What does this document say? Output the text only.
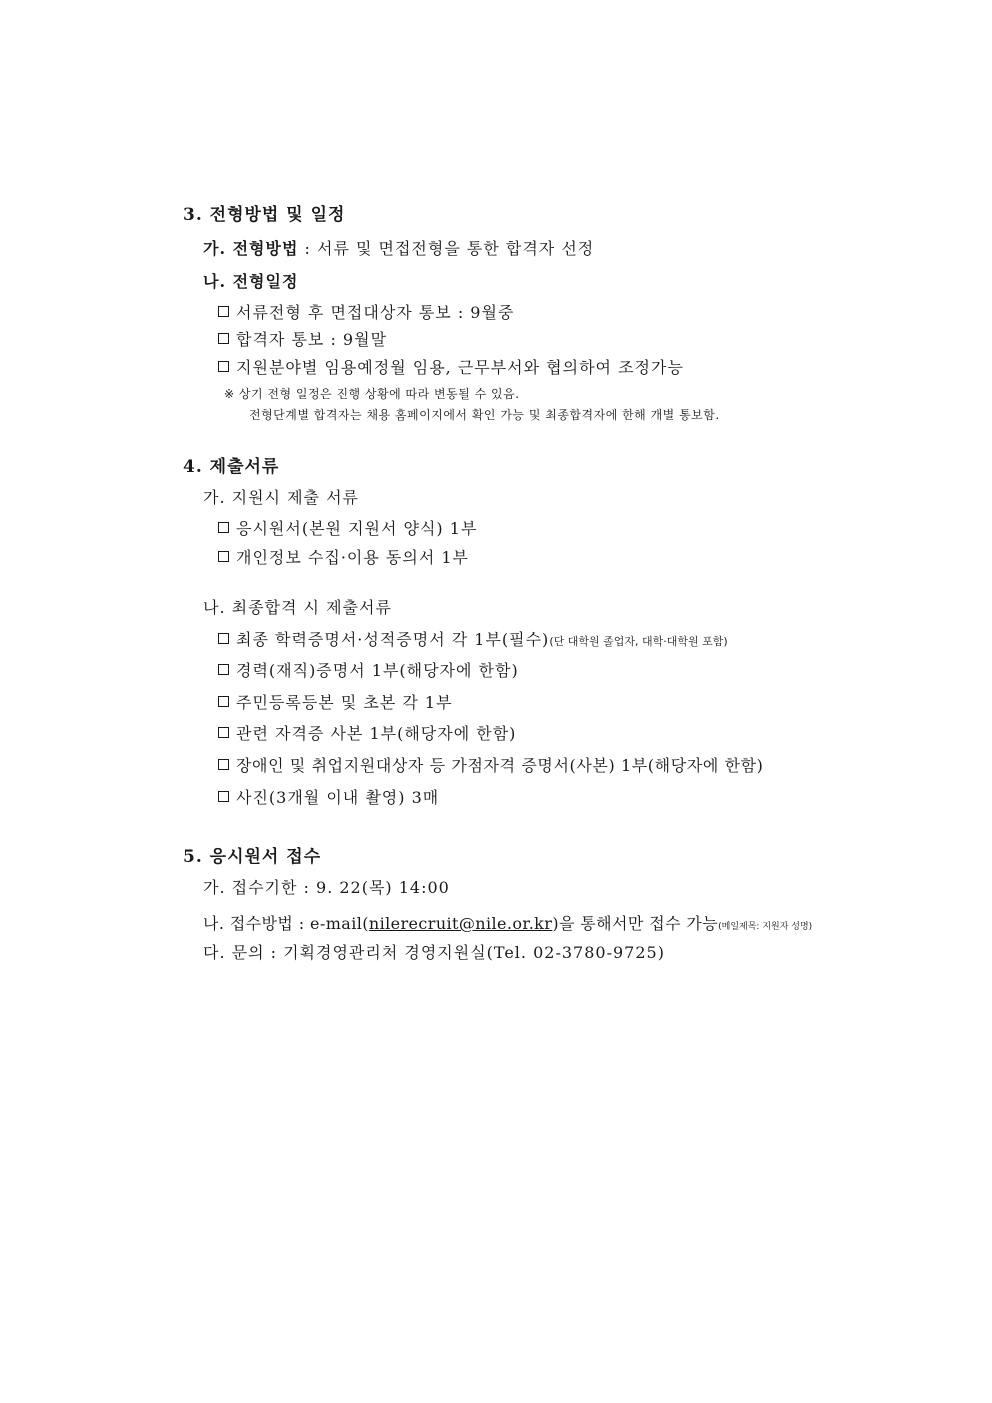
3. 전형방법 및 일정
가. 전형방법 : 서류 및 면접전형을 통한 합격자 선정
나. 전형일정
서류전형 후 면접대상자 통보 : 9월중
합격자 통보 : 9월말
지원분야별 임용예정월 임용, 근무부서와 협의하여 조정가능
※ 상기 전형 일정은 진행 상황에 따라 변동될 수 있음.
전형단계별 합격자는 채용 홈페이지에서 확인 가능 및 최종합격자에 한해 개별 통보함.
4. 제출서류
가. 지원시 제출 서류
응시원서(본원 지원서 양식) 1부
개인정보 수집·이용 동의서 1부
나. 최종합격 시 제출서류
최종 학력증명서·성적증명서 각 1부(필수)(단 대학원 졸업자, 대학·대학원 포함)
경력(재직)증명서 1부(해당자에 한함)
주민등록등본 및 초본 각 1부
관련 자격증 사본 1부(해당자에 한함)
장애인 및 취업지원대상자 등 가점자격 증명서(사본) 1부(해당자에 한함)
사진(3개월 이내 촬영) 3매
5. 응시원서 접수
가. 접수기한 : 9. 22(목) 14:00
나. 접수방법 : e-mail(nilerecruit@nile.or.kr)을 통해서만 접수 가능(메일제목: 지원자 성명)
다. 문의 : 기획경영관리처 경영지원실(Tel. 02-3780-9725)
